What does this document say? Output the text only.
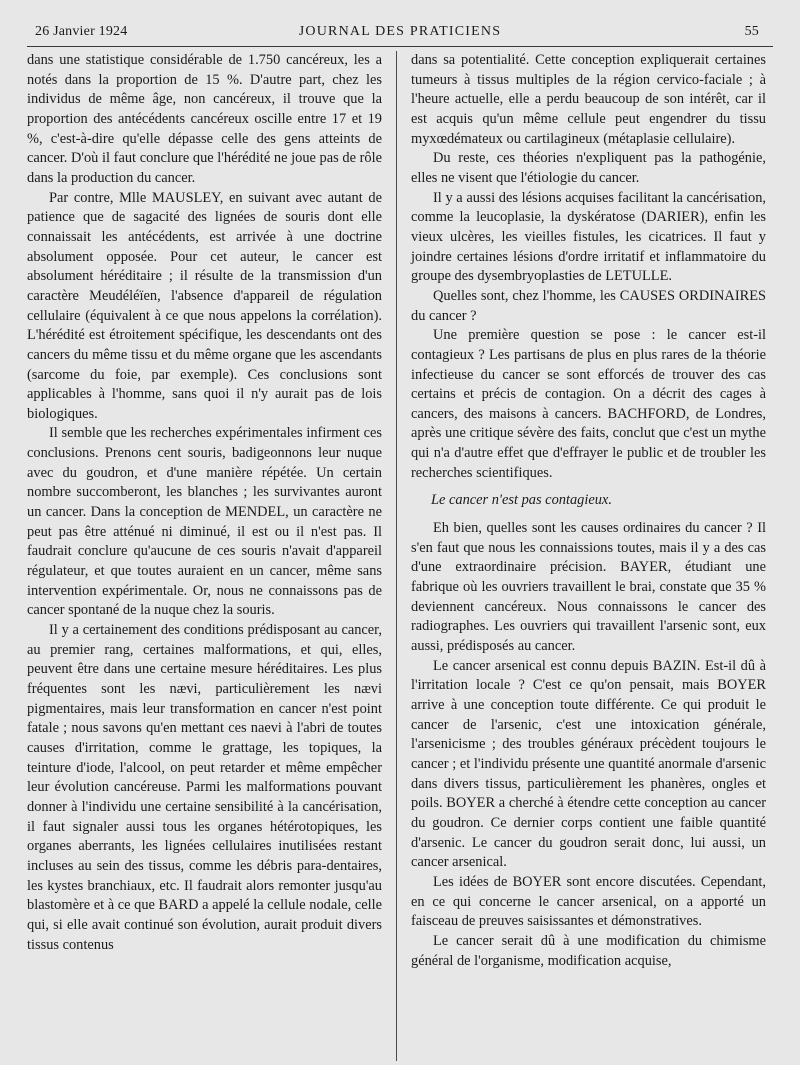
26 Janvier 1924	JOURNAL DES PRATICIENS	55

dans une statistique considérable de 1.750 cancéreux, les a notés dans la proportion de 15 %. D'autre part, chez les individus de même âge, non cancéreux, il trouve que la proportion des antécédents cancéreux oscille entre 17 et 19 %, c'est-à-dire qu'elle dépasse celle des gens atteints de cancer. D'où il faut conclure que l'hérédité ne joue pas de rôle dans la production du cancer.

Par contre, Mlle MAUSLEY, en suivant avec autant de patience que de sagacité des lignées de souris dont elle connaissait les antécédents, est arrivée à une doctrine absolument opposée. Pour cet auteur, le cancer est absolument héréditaire ; il résulte de la transmission d'un caractère Meudéléïen, l'absence d'appareil de régulation cellulaire (équivalent à ce que nous appelons la corrélation). L'hérédité est étroitement spécifique, les descendants ont des cancers du même tissu et du même organe que les ascendants (sarcome du foie, par exemple). Ces conclusions sont applicables à l'homme, sans quoi il n'y aurait pas de lois biologiques.

Il semble que les recherches expérimentales infirment ces conclusions. Prenons cent souris, badigeonnons leur nuque avec du goudron, et d'une manière répétée. Un certain nombre succomberont, les blanches ; les survivantes auront un cancer. Dans la conception de MENDEL, un caractère ne peut pas être atténué ni diminué, il est ou il n'est pas. Il faudrait conclure qu'aucune de ces souris n'avait d'appareil régulateur, et que toutes auraient en un cancer, même sans intervention expérimentale. Or, nous ne connaissons pas de cancer spontané de la nuque chez la souris.

Il y a certainement des conditions prédisposant au cancer, au premier rang, certaines malformations, et qui, elles, peuvent être dans une certaine mesure héréditaires. Les plus fréquentes sont les nævi, particulièrement les nævi pigmentaires, mais leur transformation en cancer n'est point fatale ; nous savons qu'en mettant ces naevi à l'abri de toutes causes d'irritation, comme le grattage, les topiques, la teinture d'iode, l'alcool, on peut retarder et même empêcher leur évolution cancéreuse. Parmi les malformations pouvant donner à l'individu une certaine sensibilité à la cancérisation, il faut signaler aussi tous les organes hétérotopiques, les organes aberrants, les lignées cellulaires inutilisées restant incluses au sein des tissus, comme les débris para-dentaires, les kystes branchiaux, etc. Il faudrait alors remonter jusqu'au blastomère et à ce que BARD a appelé la cellule nodale, celle qui, si elle avait continué son évolution, aurait produit divers tissus contenus

dans sa potentialité. Cette conception expliquerait certaines tumeurs à tissus multiples de la région cervico-faciale ; à l'heure actuelle, elle a perdu beaucoup de son intérêt, car il est acquis qu'un même cellule peut engendrer du tissu myxœdémateux ou cartilagineux (métaplasie cellulaire).

Du reste, ces théories n'expliquent pas la pathogénie, elles ne visent que l'étiologie du cancer.

Il y a aussi des lésions acquises facilitant la cancérisation, comme la leucoplasie, la dyskératose (DARIER), enfin les vieux ulcères, les vieilles fistules, les cicatrices. Il faut y joindre certaines lésions d'ordre irritatif et inflammatoire du groupe des dysembryoplasties de LETULLE.

Quelles sont, chez l'homme, les CAUSES ORDINAIRES du cancer ?

Une première question se pose : le cancer est-il contagieux ? Les partisans de plus en plus rares de la théorie infectieuse du cancer se sont efforcés de trouver des cas certains et précis de contagion. On a décrit des cages à cancers, des maisons à cancers. BACHFORD, de Londres, après une critique sévère des faits, conclut que c'est un mythe qui n'a d'autre effet que d'effrayer le public et de troubler les recherches scientifiques.

Le cancer n'est pas contagieux.

Eh bien, quelles sont les causes ordinaires du cancer ? Il s'en faut que nous les connaissions toutes, mais il y a des cas d'une extraordinaire précision. BAYER, étudiant une fabrique où les ouvriers travaillent le brai, constate que 35 % deviennent cancéreux. Nous connaissons le cancer des radiographes. Les ouvriers qui travaillent l'arsenic sont, eux aussi, prédisposés au cancer.

Le cancer arsenical est connu depuis BAZIN. Est-il dû à l'irritation locale ? C'est ce qu'on pensait, mais BOYER arrive à une conception toute différente. Ce qui produit le cancer de l'arsenic, c'est une intoxication générale, l'arsenicisme ; des troubles généraux précèdent toujours le cancer ; et l'individu présente une quantité anormale d'arsenic dans divers tissus, particulièrement les phanères, ongles et poils. BOYER a cherché à étendre cette conception au cancer du goudron. Ce dernier corps contient une faible quantité d'arsenic. Le cancer du goudron serait donc, lui aussi, un cancer arsenical.

Les idées de BOYER sont encore discutées. Cependant, en ce qui concerne le cancer arsenical, on a apporté un faisceau de preuves saisissantes et démonstratives.

Le cancer serait dû à une modification du chimisme général de l'organisme, modification acquise,
